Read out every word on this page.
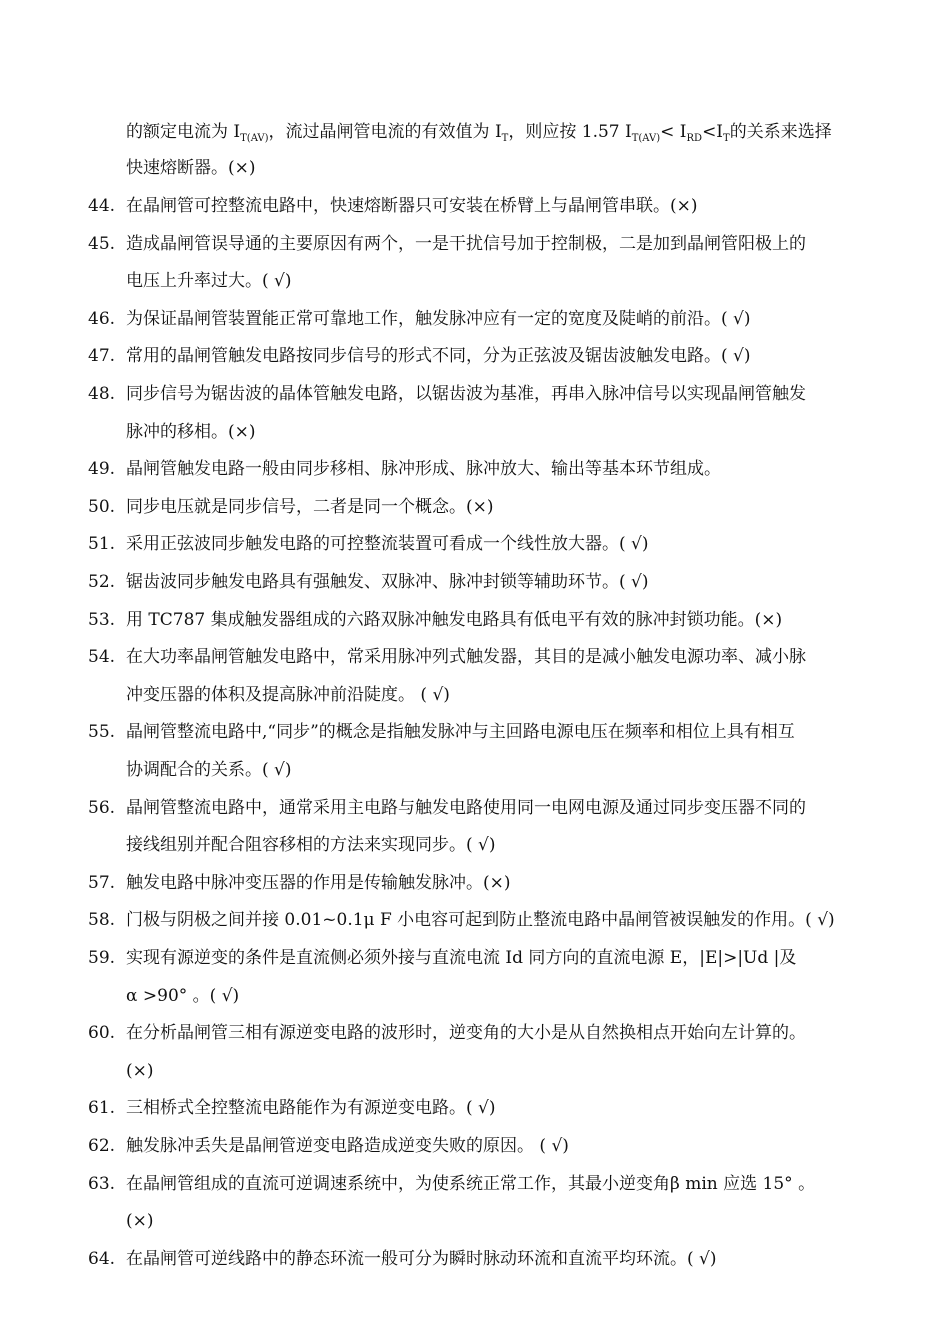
的额定电流为 $I_{T(AV)}$，流过晶闸管电流的有效值为 $I_T$，则应按 1.57 $I_{T(AV)}< I_{RD}<I_T$的关系来选择
快速熔断器。(×)
44. 在晶闸管可控整流电路中，快速熔断器只可安装在桥臂上与晶闸管串联。(×)
45. 造成晶闸管误导通的主要原因有两个，一是干扰信号加于控制极，二是加到晶闸管阳极上的
电压上升率过大。( √)
46. 为保证晶闸管装置能正常可靠地工作，触发脉冲应有一定的宽度及陡峭的前沿。( √)
47. 常用的晶闸管触发电路按同步信号的形式不同，分为正弦波及锯齿波触发电路。( √)
48. 同步信号为锯齿波的晶体管触发电路，以锯齿波为基准，再串入脉冲信号以实现晶闸管触发
脉冲的移相。(×)
49. 晶闸管触发电路一般由同步移相、脉冲形成、脉冲放大、输出等基本环节组成。
50. 同步电压就是同步信号，二者是同一个概念。(×)
51. 采用正弦波同步触发电路的可控整流装置可看成一个线性放大器。( √)
52. 锯齿波同步触发电路具有强触发、双脉冲、脉冲封锁等辅助环节。( √)
53. 用 TC787 集成触发器组成的六路双脉冲触发电路具有低电平有效的脉冲封锁功能。(×)
54. 在大功率晶闸管触发电路中，常采用脉冲列式触发器，其目的是减小触发电源功率、减小脉
冲变压器的体积及提高脉冲前沿陡度。 ( √)
55. 晶闸管整流电路中,“同步”的概念是指触发脉冲与主回路电源电压在频率和相位上具有相互
协调配合的关系。( √)
56. 晶闸管整流电路中，通常采用主电路与触发电路使用同一电网电源及通过同步变压器不同的
接线组别并配合阻容移相的方法来实现同步。( √)
57. 触发电路中脉冲变压器的作用是传输触发脉冲。(×)
58. 门极与阴极之间并接 0.01~0.1μ F 小电容可起到防止整流电路中晶闸管被误触发的作用。( √)
59. 实现有源逆变的条件是直流侧必须外接与直流电流 Id 同方向的直流电源 E，|E|>|Ud |及
α >90° 。( √)
60. 在分析晶闸管三相有源逆变电路的波形时，逆变角的大小是从自然换相点开始向左计算的。
(×)
61. 三相桥式全控整流电路能作为有源逆变电路。( √)
62. 触发脉冲丢失是晶闸管逆变电路造成逆变失败的原因。 ( √)
63. 在晶闸管组成的直流可逆调速系统中，为使系统正常工作，其最小逆变角β min 应选 15° 。
(×)
64. 在晶闸管可逆线路中的静态环流一般可分为瞬时脉动环流和直流平均环流。( √)
